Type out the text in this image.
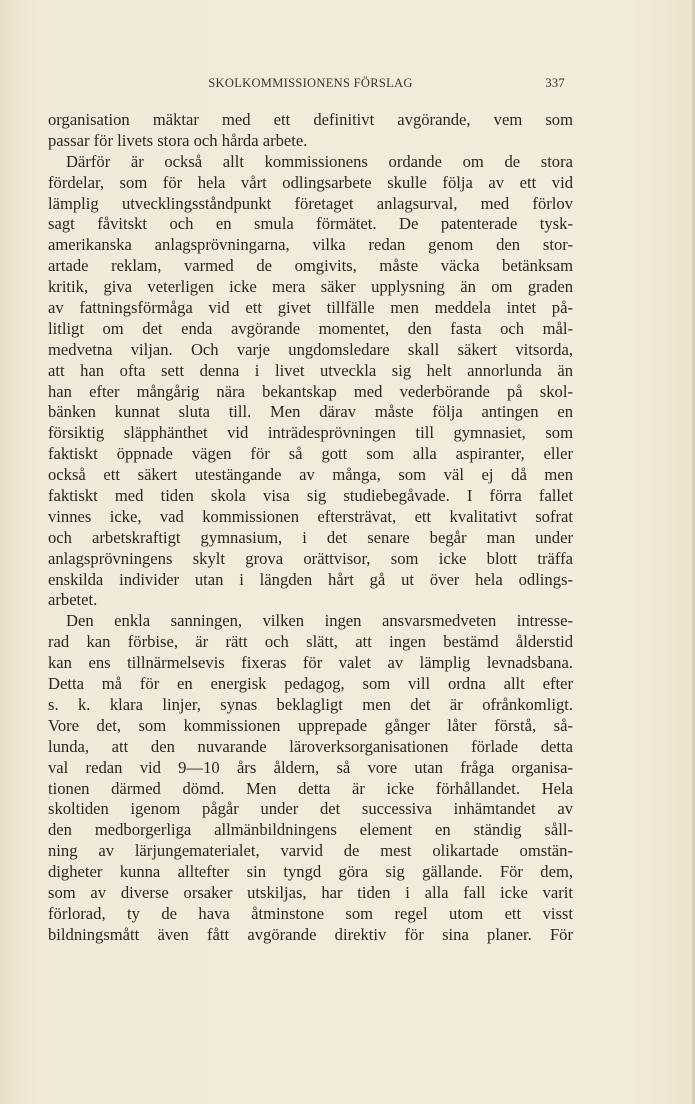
SKOLKOMMISSIONENS FÖRSLAG	337
organisation mäktar med ett definitivt avgörande, vem som
passar för livets stora och hårda arbete.
Därför är också allt kommissionens ordande om de stora
fördelar, som för hela vårt odlingsarbete skulle följa av ett vid
lämplig utvecklingsståndpunkt företaget anlagsurval, med förlov
sagt fåvitskt och en smula förmätet. De patenterade tysk-
amerikanska anlagsprövningarna, vilka redan genom den stor-
artade reklam, varmed de omgivits, måste väcka betänksam
kritik, giva veterligen icke mera säker upplysning än om graden
av fattningsförmåga vid ett givet tillfälle men meddela intet på-
litligt om det enda avgörande momentet, den fasta och mål-
medvetna viljan. Och varje ungdomsledare skall säkert vitsorda,
att han ofta sett denna i livet utveckla sig helt annorlunda än
han efter mångårig nära bekantskap med vederbörande på skol-
bänken kunnat sluta till. Men därav måste följa antingen en
försiktig släpphänthet vid inträdesprövningen till gymnasiet, som
faktiskt öppnade vägen för så gott som alla aspiranter, eller
också ett säkert utestängande av många, som väl ej då men
faktiskt med tiden skola visa sig studiebegåvade. I förra fallet
vinnes icke, vad kommissionen eftersträvat, ett kvalitativt sofrat
och arbetskraftigt gymnasium, i det senare begår man under
anlagsprövningens skylt grova orättvisor, som icke blott träffa
enskilda individer utan i längden hårt gå ut över hela odlings-
arbetet.
Den enkla sanningen, vilken ingen ansvarsmedveten intresse-
rad kan förbise, är rätt och slätt, att ingen bestämd ålderstid
kan ens tillnärmelsevis fixeras för valet av lämplig levnadsbana.
Detta må för en energisk pedagog, som vill ordna allt efter
s. k. klara linjer, synas beklagligt men det är ofrånkomligt.
Vore det, som kommissionen upprepade gånger låter förstå, så-
lunda, att den nuvarande läroverksorganisationen förlade detta
val redan vid 9—10 års åldern, så vore utan fråga organisa-
tionen därmed dömd. Men detta är icke förhållandet. Hela
skoltiden igenom pågår under det successiva inhämtandet av
den medborgerliga allmänbildningens element en ständig såll-
ning av lärjungematerialet, varvid de mest olikartade omstän-
digheter kunna alltefter sin tyngd göra sig gällande. För dem,
som av diverse orsaker utskiljas, har tiden i alla fall icke varit
förlorad, ty de hava åtminstone som regel utom ett visst
bildningsmått även fått avgörande direktiv för sina planer. För
